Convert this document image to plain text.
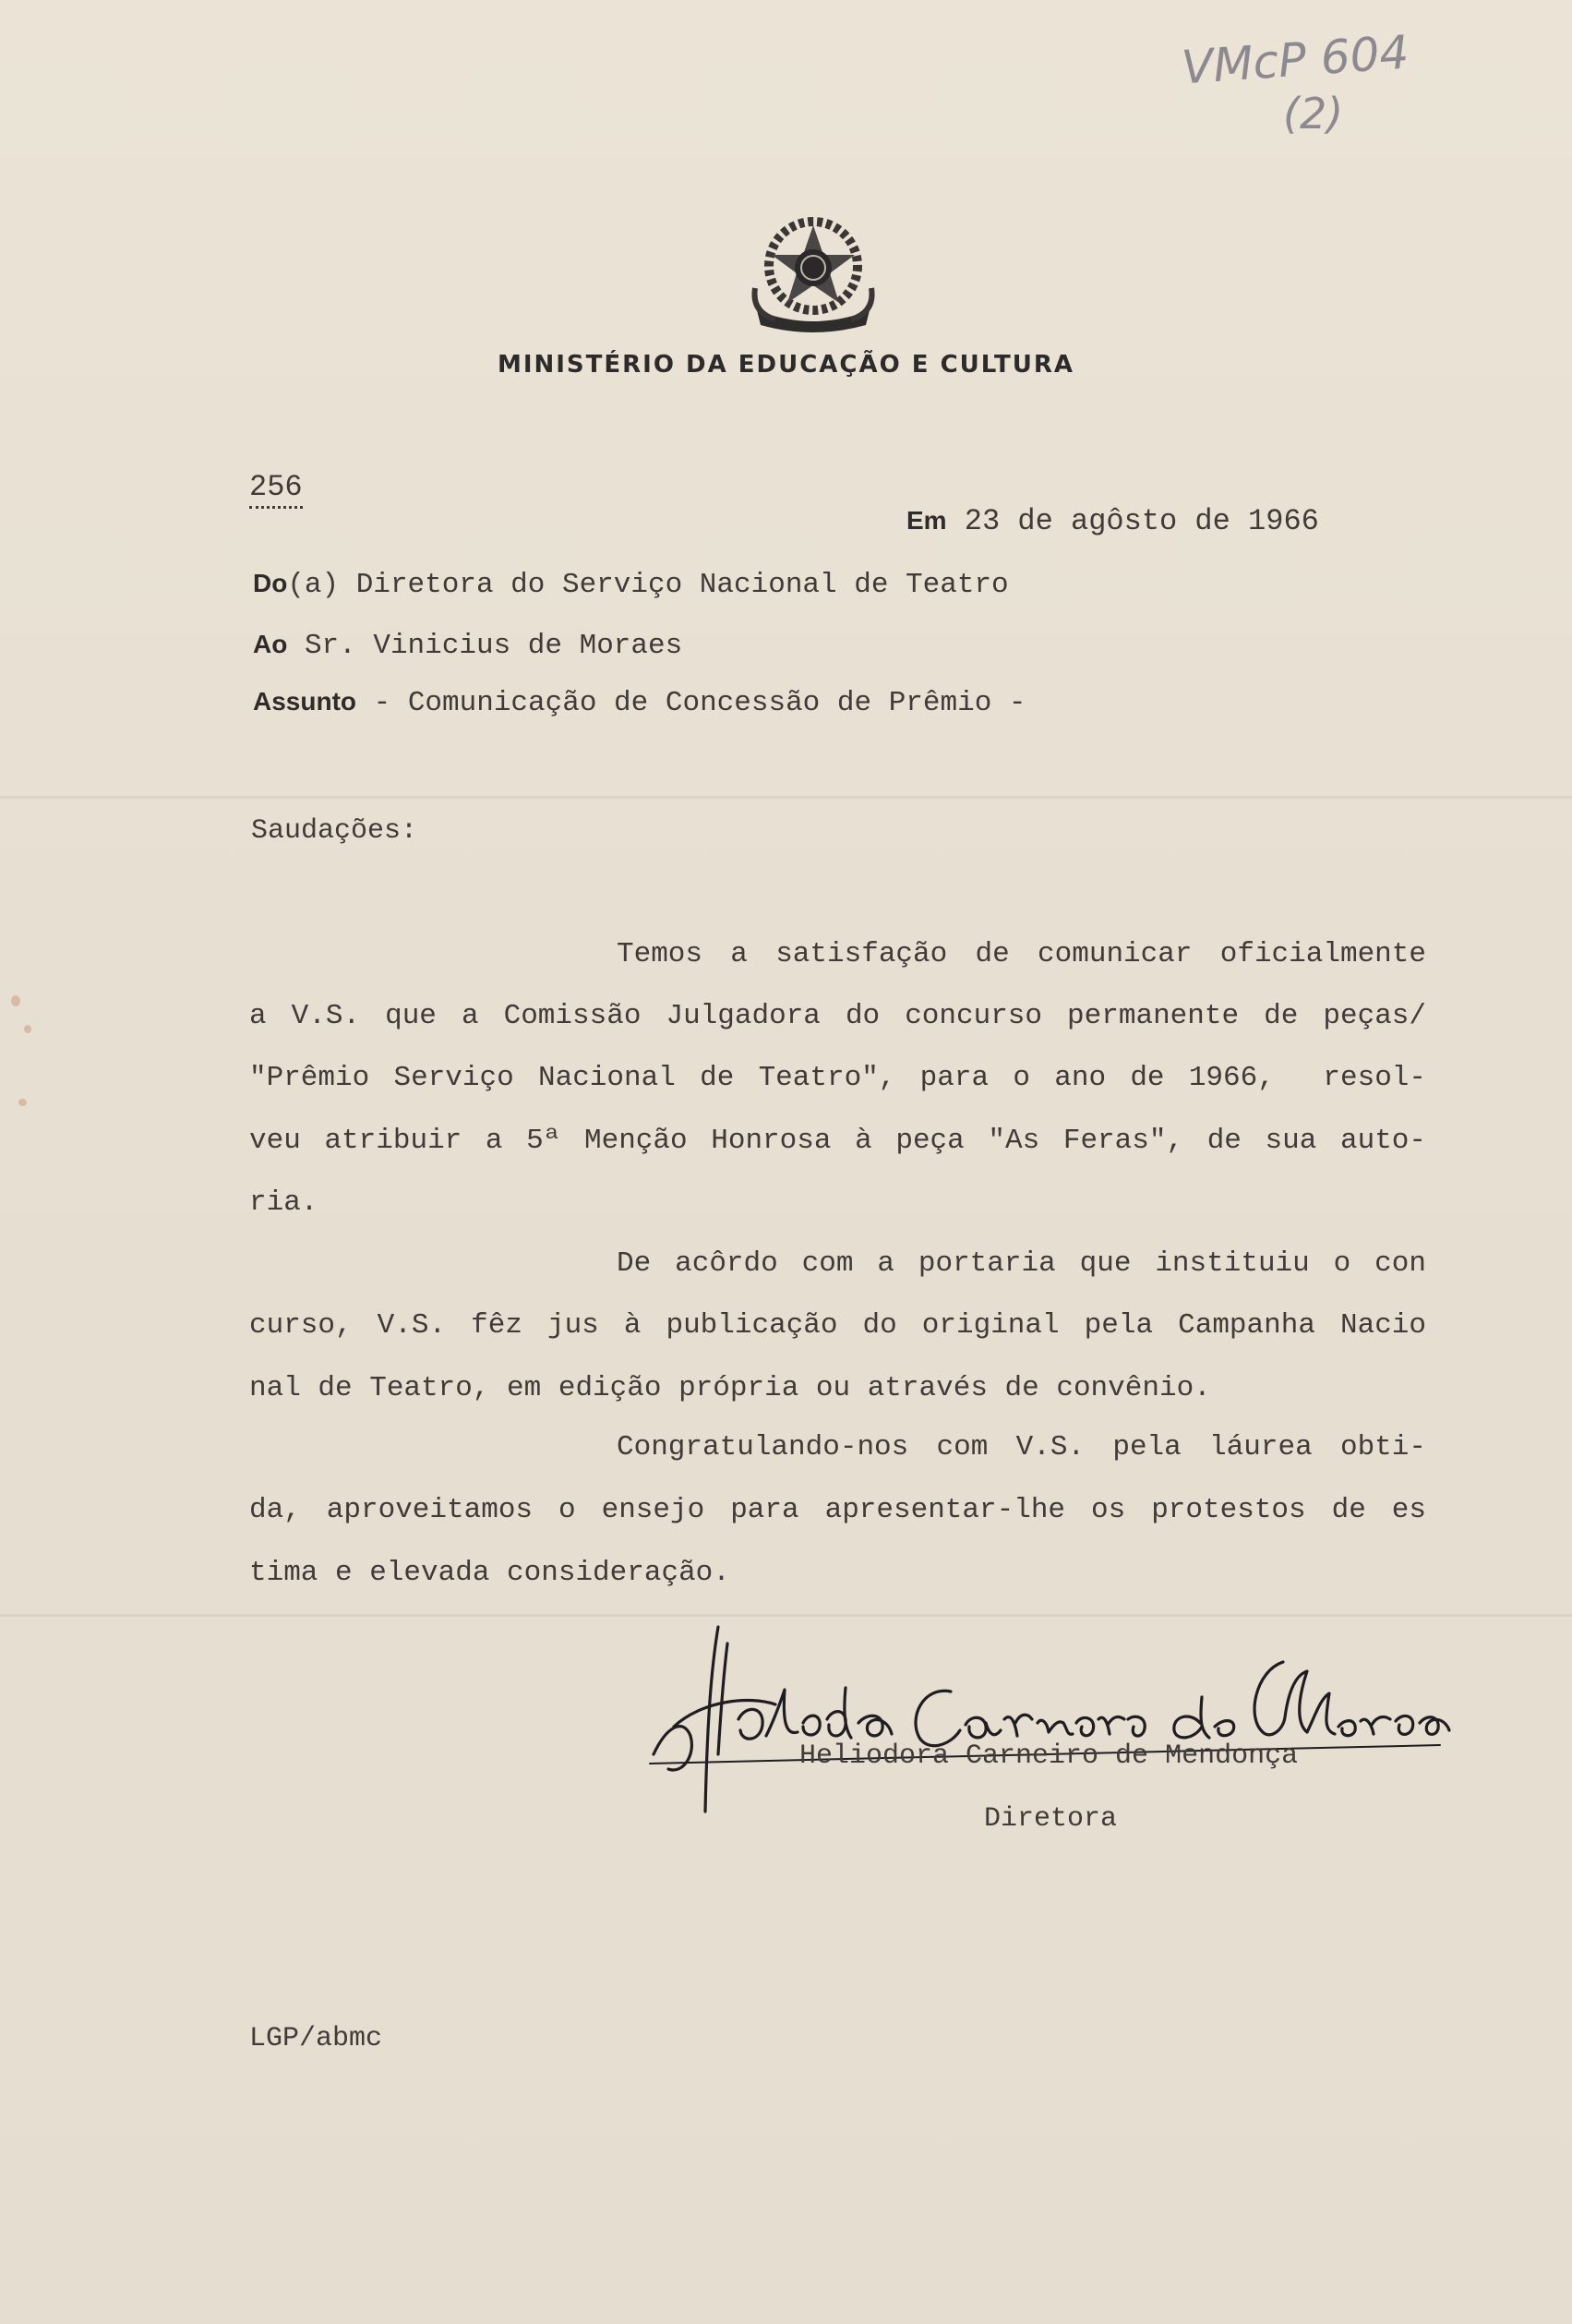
VMcP 604
(2)
MINISTÉRIO DA EDUCAÇÃO E CULTURA
256
Em 23 de agôsto de 1966
Do(a) Diretora do Serviço Nacional de Teatro
Ao Sr. Vinicius de Moraes
Assunto - Comunicação de Concessão de Prêmio -
Saudações:
Temos a satisfação de comunicar oficialmente
a V.S. que a Comissão Julgadora do concurso permanente de peças/
"Prêmio Serviço Nacional de Teatro", para o ano de 1966,  resol-
veu atribuir a 5ª Menção Honrosa à peça "As Feras", de sua auto-
ria.
De acôrdo com a portaria que instituiu o con
curso, V.S. fêz jus à publicação do original pela Campanha Nacio
nal de Teatro, em edição própria ou através de convênio.
Congratulando-nos com V.S. pela láurea obti-
da, aproveitamos o ensejo para apresentar-lhe os protestos de es
tima e elevada consideração.
Heliodora Carneiro de Mendonça
Diretora
LGP/abmc
